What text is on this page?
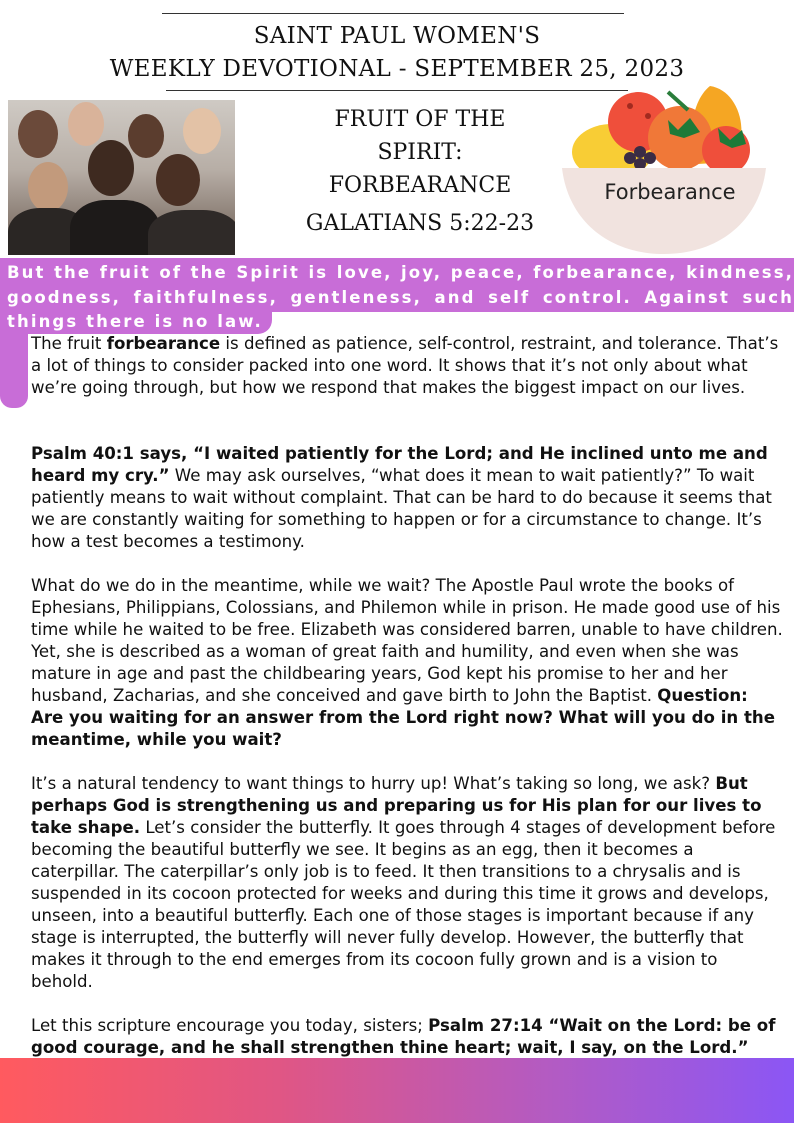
SAINT PAUL WOMEN'S
WEEKLY DEVOTIONAL - SEPTEMBER 25, 2023
FRUIT OF THE
SPIRIT:
FORBEARANCE
GALATIANS 5:22-23
Forbearance
But the fruit of the Spirit is love, joy, peace, forbearance, kindness, goodness, faithfulness, gentleness, and self control. Against such things there is no law.

The fruit forbearance is defined as patience, self-control, restraint, and tolerance. That’s a lot of things to consider packed into one word. It shows that it’s not only about what we’re going through, but how we respond that makes the biggest impact on our lives.

Psalm 40:1 says, “I waited patiently for the Lord; and He inclined unto me and heard my cry.” We may ask ourselves, “what does it mean to wait patiently?” To wait patiently means to wait without complaint. That can be hard to do because it seems that we are constantly waiting for something to happen or for a circumstance to change. It’s how a test becomes a testimony.

What do we do in the meantime, while we wait? The Apostle Paul wrote the books of Ephesians, Philippians, Colossians, and Philemon while in prison. He made good use of his time while he waited to be free. Elizabeth was considered barren, unable to have children. Yet, she is described as a woman of great faith and humility, and even when she was mature in age and past the childbearing years, God kept his promise to her and her husband, Zacharias, and she conceived and gave birth to John the Baptist. Question: Are you waiting for an answer from the Lord right now? What will you do in the meantime, while you wait?

It’s a natural tendency to want things to hurry up! What’s taking so long, we ask? But perhaps God is strengthening us and preparing us for His plan for our lives to take shape. Let’s consider the butterfly. It goes through 4 stages of development before becoming the beautiful butterfly we see. It begins as an egg, then it becomes a caterpillar. The caterpillar’s only job is to feed. It then transitions to a chrysalis and is suspended in its cocoon protected for weeks and during this time it grows and develops, unseen, into a beautiful butterfly. Each one of those stages is important because if any stage is interrupted, the butterfly will never fully develop. However, the butterfly that makes it through to the end emerges from its cocoon fully grown and is a vision to behold.

Let this scripture encourage you today, sisters; Psalm 27:14 “Wait on the Lord: be of good courage, and he shall strengthen thine heart; wait, I say, on the Lord.”
